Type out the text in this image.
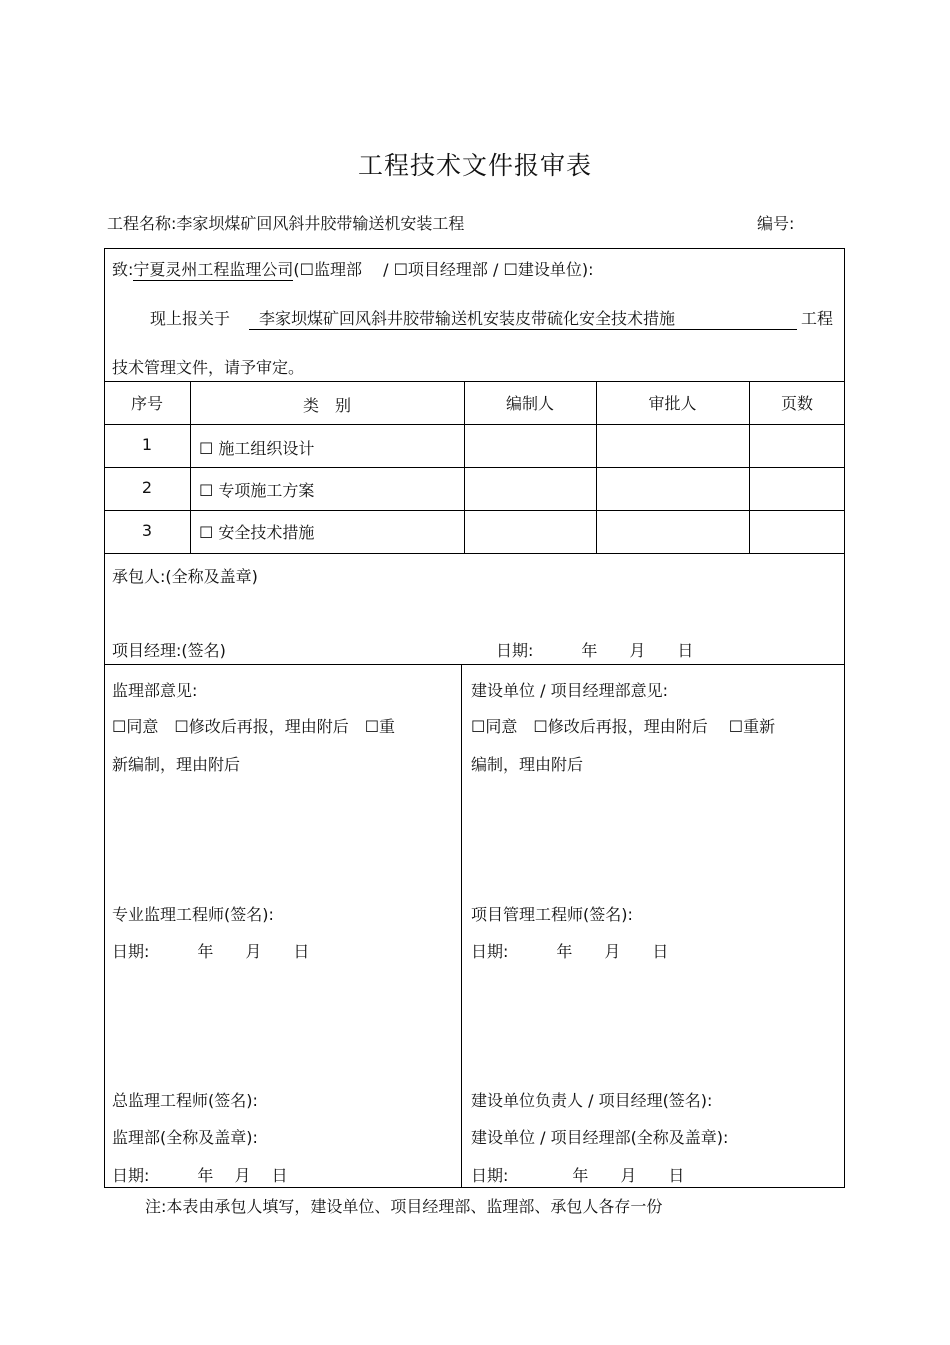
工程技术文件报审表
工程名称:李家坝煤矿回风斜井胶带输送机安装工程	编号:
致:宁夏灵州工程监理公司(☐监理部　 / ☐项目经理部 / ☐建设单位):
现上报关于	李家坝煤矿回风斜井胶带输送机安装皮带硫化安全技术措施	工程
技术管理文件，请予审定。
序号	类　别	编制人	审批人	页数
1	☐ 施工组织设计
2	☐ 专项施工方案
3	☐ 安全技术措施
承包人:(全称及盖章)
项目经理:(签名)	日期:　　　年　　月　　日
监理部意见:
☐同意　☐修改后再报，理由附后　☐重
新编制，理由附后
专业监理工程师(签名):
日期:　　　年　　月　　日
总监理工程师(签名):
监理部(全称及盖章):
日期:　　　年　 月　 日
建设单位 / 项目经理部意见:
☐同意　☐修改后再报，理由附后　 ☐重新
编制，理由附后
项目管理工程师(签名):
日期:　　　年　　月　　日
建设单位负责人 / 项目经理(签名):
建设单位 / 项目经理部(全称及盖章):
日期:　　　　年　　月　　日
注:本表由承包人填写，建设单位、项目经理部、监理部、承包人各存一份
